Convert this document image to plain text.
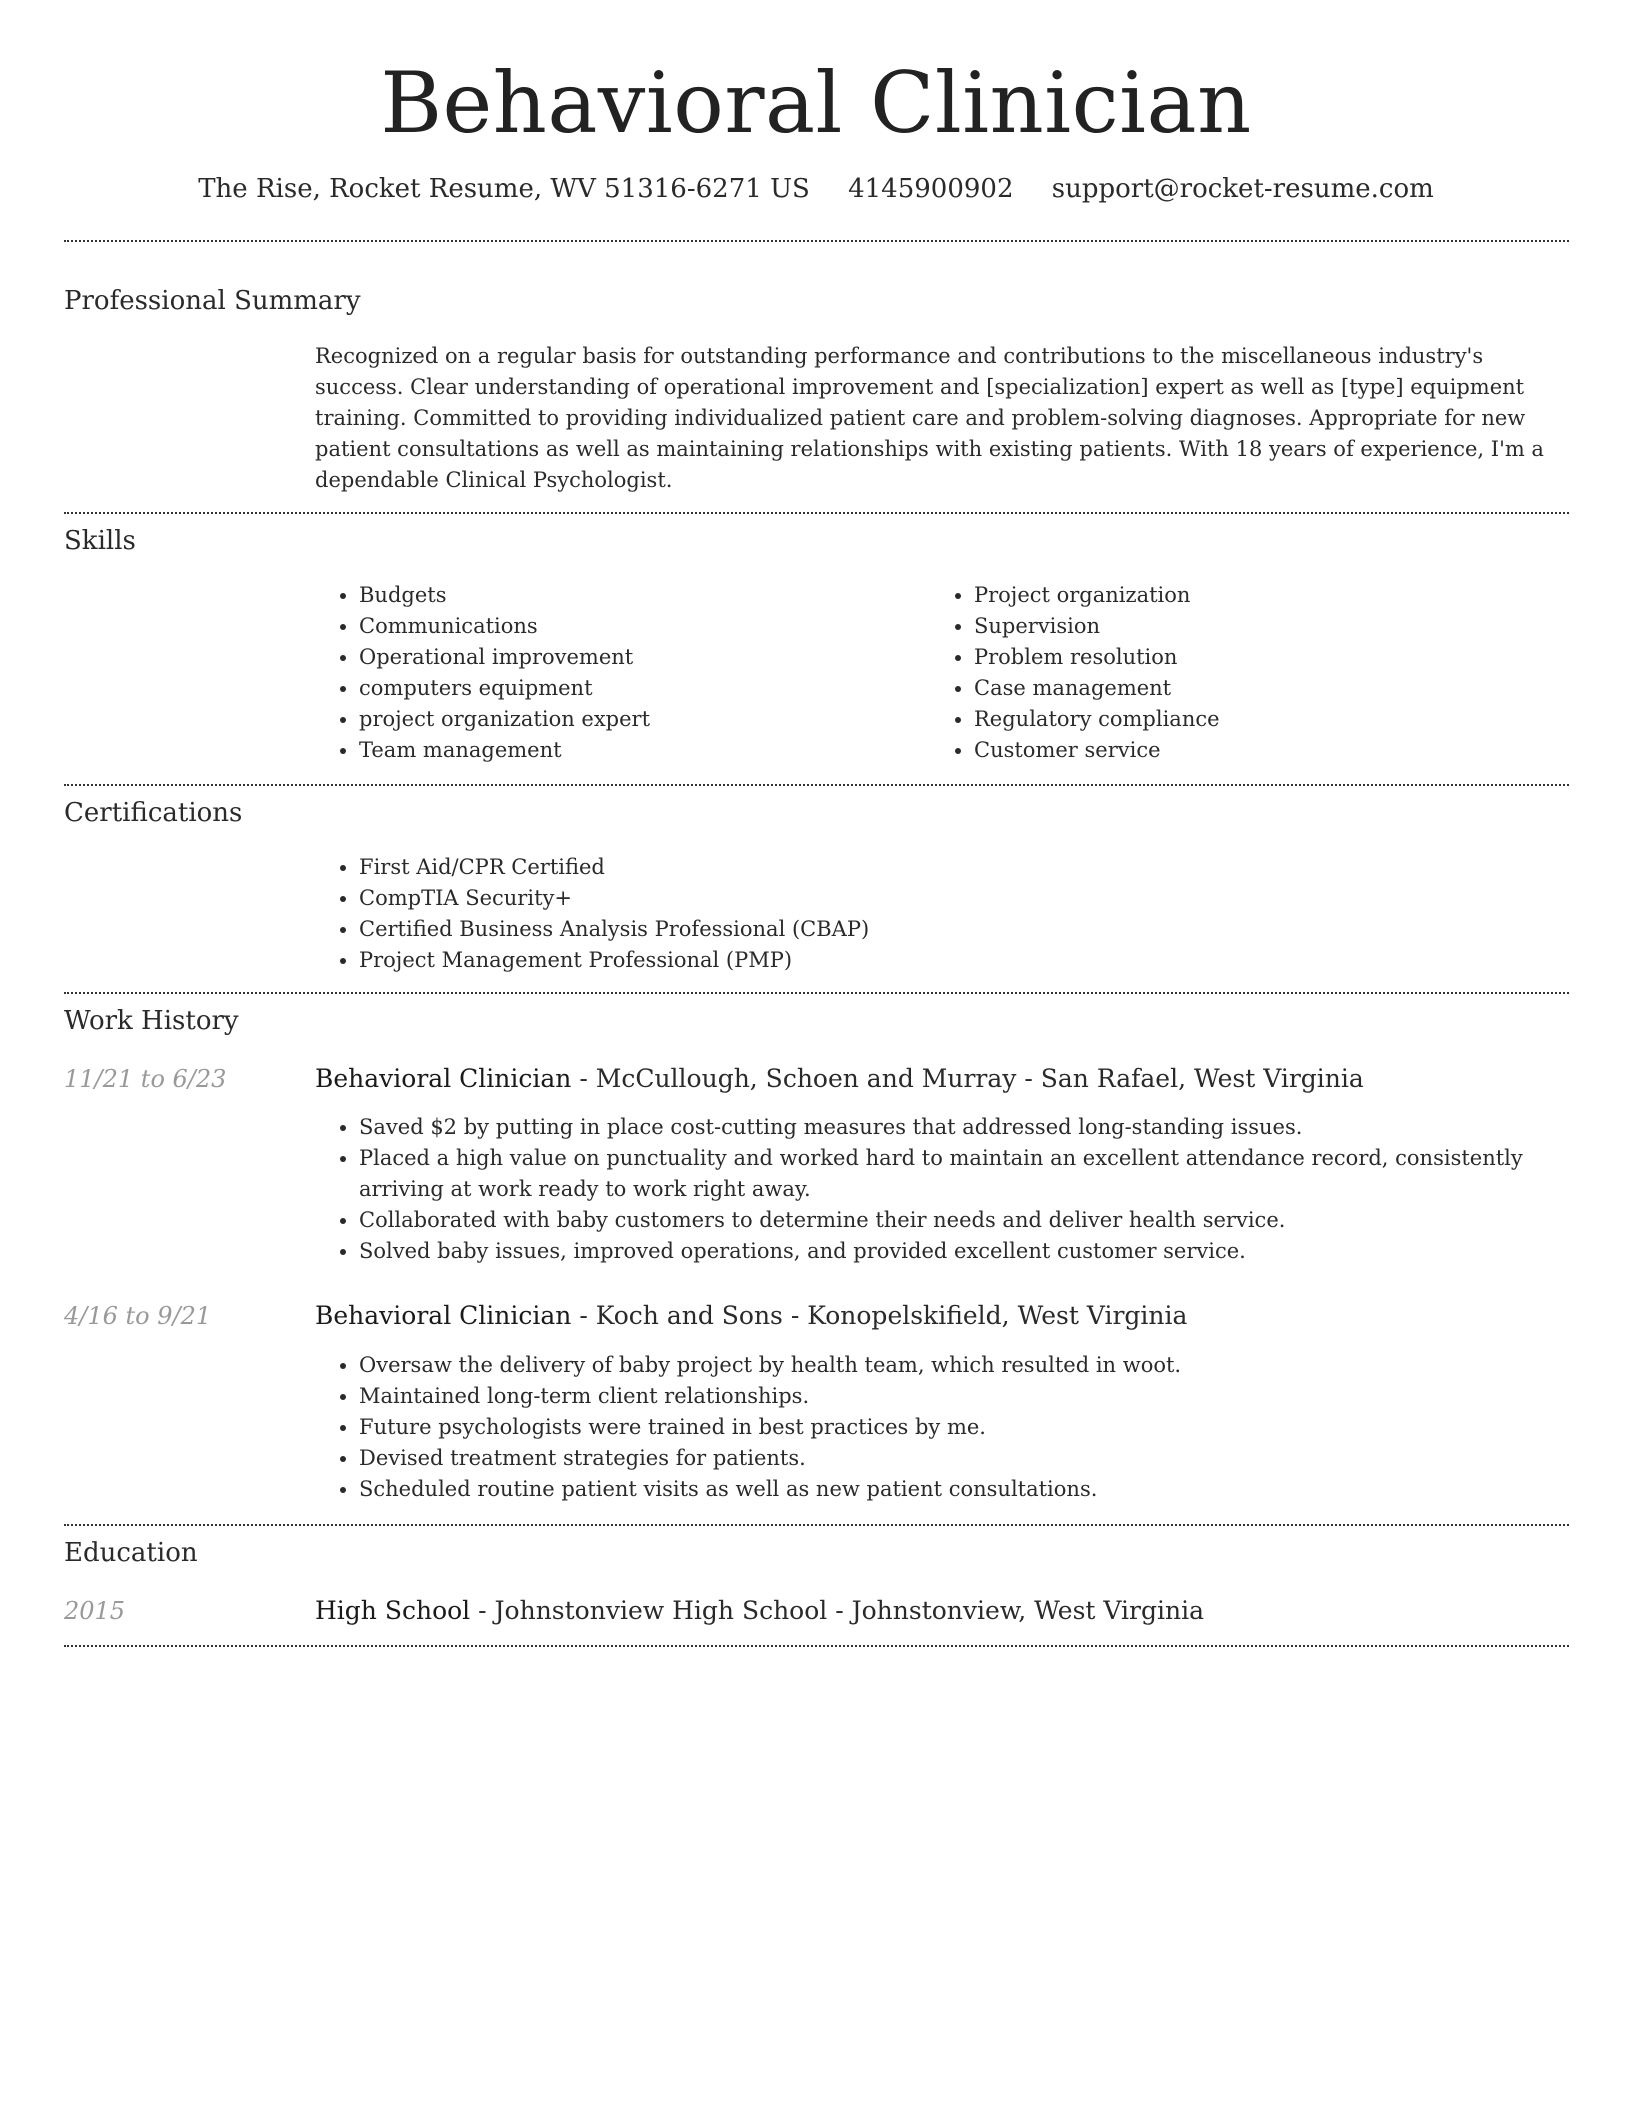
Behavioral Clinician
The Rise, Rocket Resume, WV 51316-6271 US 4145900902 support@rocket-resume.com
Professional Summary

Recognized on a regular basis for outstanding performance and contributions to the miscellaneous industry's success. Clear understanding of operational improvement and [specialization] expert as well as [type] equipment training. Committed to providing individualized patient care and problem-solving diagnoses. Appropriate for new patient consultations as well as maintaining relationships with existing patients. With 18 years of experience, I'm a dependable Clinical Psychologist.

Skills
• Budgets
• Communications
• Operational improvement
• computers equipment
• project organization expert
• Team management
• Project organization
• Supervision
• Problem resolution
• Case management
• Regulatory compliance
• Customer service
Certifications
• First Aid/CPR Certified
• CompTIA Security+
• Certified Business Analysis Professional (CBAP)
• Project Management Professional (PMP)
Work History
11/21 to 6/23	Behavioral Clinician - McCullough, Schoen and Murray - San Rafael, West Virginia
• Saved $2 by putting in place cost-cutting measures that addressed long-standing issues.
• Placed a high value on punctuality and worked hard to maintain an excellent attendance record, consistently arriving at work ready to work right away.
• Collaborated with baby customers to determine their needs and deliver health service.
• Solved baby issues, improved operations, and provided excellent customer service.
4/16 to 9/21	Behavioral Clinician - Koch and Sons - Konopelskifield, West Virginia
• Oversaw the delivery of baby project by health team, which resulted in woot.
• Maintained long-term client relationships.
• Future psychologists were trained in best practices by me.
• Devised treatment strategies for patients.
• Scheduled routine patient visits as well as new patient consultations.
Education
2015	High School - Johnstonview High School - Johnstonview, West Virginia
